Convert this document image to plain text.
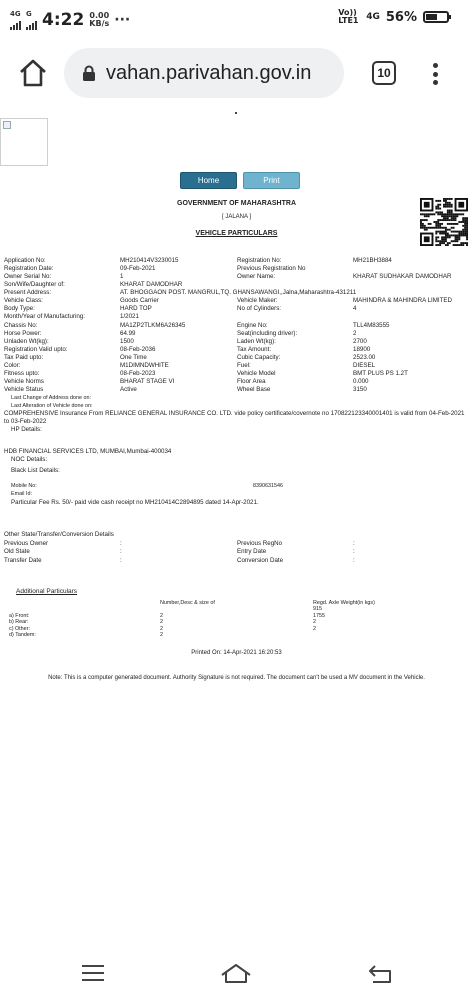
4G G 4:22 0.00
KB/s ···	Vo)) LTE1 4G 56%
vahan.parivahan.gov.in	10
Home	Print
GOVERNMENT OF MAHARASHTRA
[ JALANA ]
VEHICLE PARTICULARS
Application No:	MH210414V3230015	Registration No:	MH21BH3884
Registration Date:	09-Feb-2021	Previous Registration No
Owner Serial No:	1	Owner Name:	KHARAT SUDHAKAR DAMODHAR
Son/Wife/Daughter of:	KHARAT DAMODHAR
Present Address:	AT. BHOGGAON POST. MANGRUL,TQ. GHANSAWANGI,,Jalna,Maharashtra-431211
Vehicle Class:	Goods Carrier	Vehicle Maker:	MAHINDRA & MAHINDRA LIMITED
Body Type:	HARD TOP	No of Cylinders:	4
Month/Year of Manufacturing:	1/2021
Chassis No:	MA1ZP2TLKM6A26345	Engine No:	TLL4M83555
Horse Power:	64.99	Seat(including driver):	2
Unladen Wt(kg):	1500	Laden Wt(kg):	2700
Registration Valid upto:	08-Feb-2036	Tax Amount:	18900
Tax Paid upto:	One Time	Cubic Capacity:	2523.00
Color:	M1DIMNDWHITE	Fuel:	DIESEL
Fitness upto:	08-Feb-2023	Vehicle Model	BMT PLUS PS 1.2T
Vehicle Norms	BHARAT STAGE VI	Floor Area	0.000
Vehicle Status	Active	Wheel Base	3150
Last Change of Address done on:
Last Alteration of Vehicle done on:
COMPREHENSIVE Insurance From RELIANCE GENERAL INSURANCE CO. LTD. vide policy certificate/covernote no 170822123340001401 is valid from 04-Feb-2021 to 03-Feb-2022
HP Details:
HDB FINANCIAL SERVICES LTD, MUMBAI,Mumbai-400034
NOC Details:
Black List Details:
Mobile No:	8390631546
Email Id:
Particular Fee Rs. 50/- paid vide cash receipt no MH210414C2894895 dated 14-Apr-2021.
Other State/Transfer/Conversion Details
Previous Owner	:	Previous RegNo	:
Old State	:	Entry Date	:
Transfer Date	:	Conversion Date	:
Additional Particulars
Number,Desc & size of	Regd. Axle Weight(in kgs)
915
a) Front:	2	1755
b) Rear:	2	2
c) Other:	2	2
d) Tandem:	2
Printed On: 14-Apr-2021 16:20:53
Note: This is a computer generated document. Authority Signature is not required. The document can't be used a MV document in the Vehicle.
